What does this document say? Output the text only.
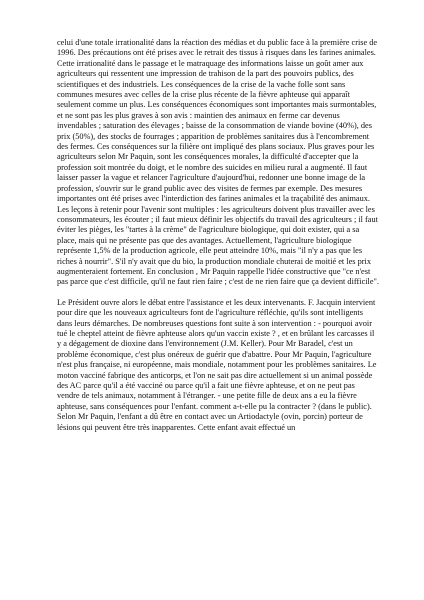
celui d'une totale irrationalité dans la réaction des médias et du public face à la première crise de 1996. Des précautions ont été prises avec le retrait des tissus à risques dans les farines animales. Cette irrationalité dans le passage et le matraquage des informations laisse un goût amer aux agriculteurs qui ressentent une impression de trahison de la part des pouvoirs publics, des scientifiques et des industriels. Les conséquences de la crise de la vache folle sont sans communes mesures avec celles de la crise plus récente de la fièvre aphteuse qui apparaît seulement comme un plus. Les conséquences économiques sont importantes mais surmontables, et ne sont pas les plus graves à son avis : maintien des animaux en ferme car devenus invendables ; saturation des élevages ; baisse de la consommation de viande bovine (40%), des prix (50%), des stocks de fourrages ; apparition de problèmes sanitaires dus à l'encombrement des fermes. Ces conséquences sur la filière ont impliqué des plans sociaux. Plus graves pour les agriculteurs selon Mr Paquin, sont les conséquences morales, la difficulté d'accepter que la profession soit montrée du doigt, et le nombre des suicides en milieu rural a augmenté. Il faut laisser passer la vague et relancer l'agriculture d'aujourd'hui, redonner une bonne image de la profession, s'ouvrir sur le grand public avec des visites de fermes par exemple. Des mesures importantes ont été prises avec l'interdiction des farines animales et la traçabilité des animaux. Les leçons à retenir pour l'avenir sont multiples : les agriculteurs doivent plus travailler avec les consommateurs, les écouter ; il faut mieux définir les objectifs du travail des agriculteurs ; il faut éviter les pièges, les "tartes à la crème" de l'agriculture biologique, qui doit exister, qui a sa place, mais qui ne présente pas que des avantages. Actuellement, l'agriculture biologique représente 1,5% de la production agricole, elle peut atteindre 10%, mais "il n'y a pas que les riches à nourrir". S'il n'y avait que du bio, la production mondiale chuterai de moitié et les prix augmenteraient fortement. En conclusion , Mr Paquin rappelle l'idée constructive que "ce n'est pas parce que c'est difficile, qu'il ne faut rien faire ; c'est de ne rien faire que ça devient difficile".

Le Président ouvre alors le débat entre l'assistance et les deux intervenants. F. Jacquin intervient pour dire que les nouveaux agriculteurs font de l'agriculture réfléchie, qu'ils sont intelligents dans leurs démarches. De nombreuses questions font suite à son intervention : - pourquoi avoir tué le cheptel atteint de fièvre aphteuse alors qu'un vaccin existe ? , et en brûlant les carcasses il y a dégagement de dioxine dans l'environnement (J.M. Keller). Pour Mr Baradel, c'est un problème économique, c'est plus onéreux de guérir que d'abattre. Pour Mr Paquin, l'agriculture n'est plus française, ni européenne, mais mondiale, notamment pour les problèmes sanitaires. Le moton vacciné fabrique des anticorps, et l'on ne sait pas dire actuellement si un animal possède des AC parce qu'il a été vacciné ou parce qu'il a fait une fièvre aphteuse, et on ne peut pas vendre de tels animaux, notamment à l'étranger. - une petite fille de deux ans a eu la fièvre aphteuse, sans conséquences pour l'enfant. comment a-t-elle pu la contracter ? (dans le public). Selon Mr Paquin, l'enfant a dû être en contact avec un Artiodactyle (ovin, porcin) porteur de lésions qui peuvent être très inapparentes. Cette enfant avait effectué un
